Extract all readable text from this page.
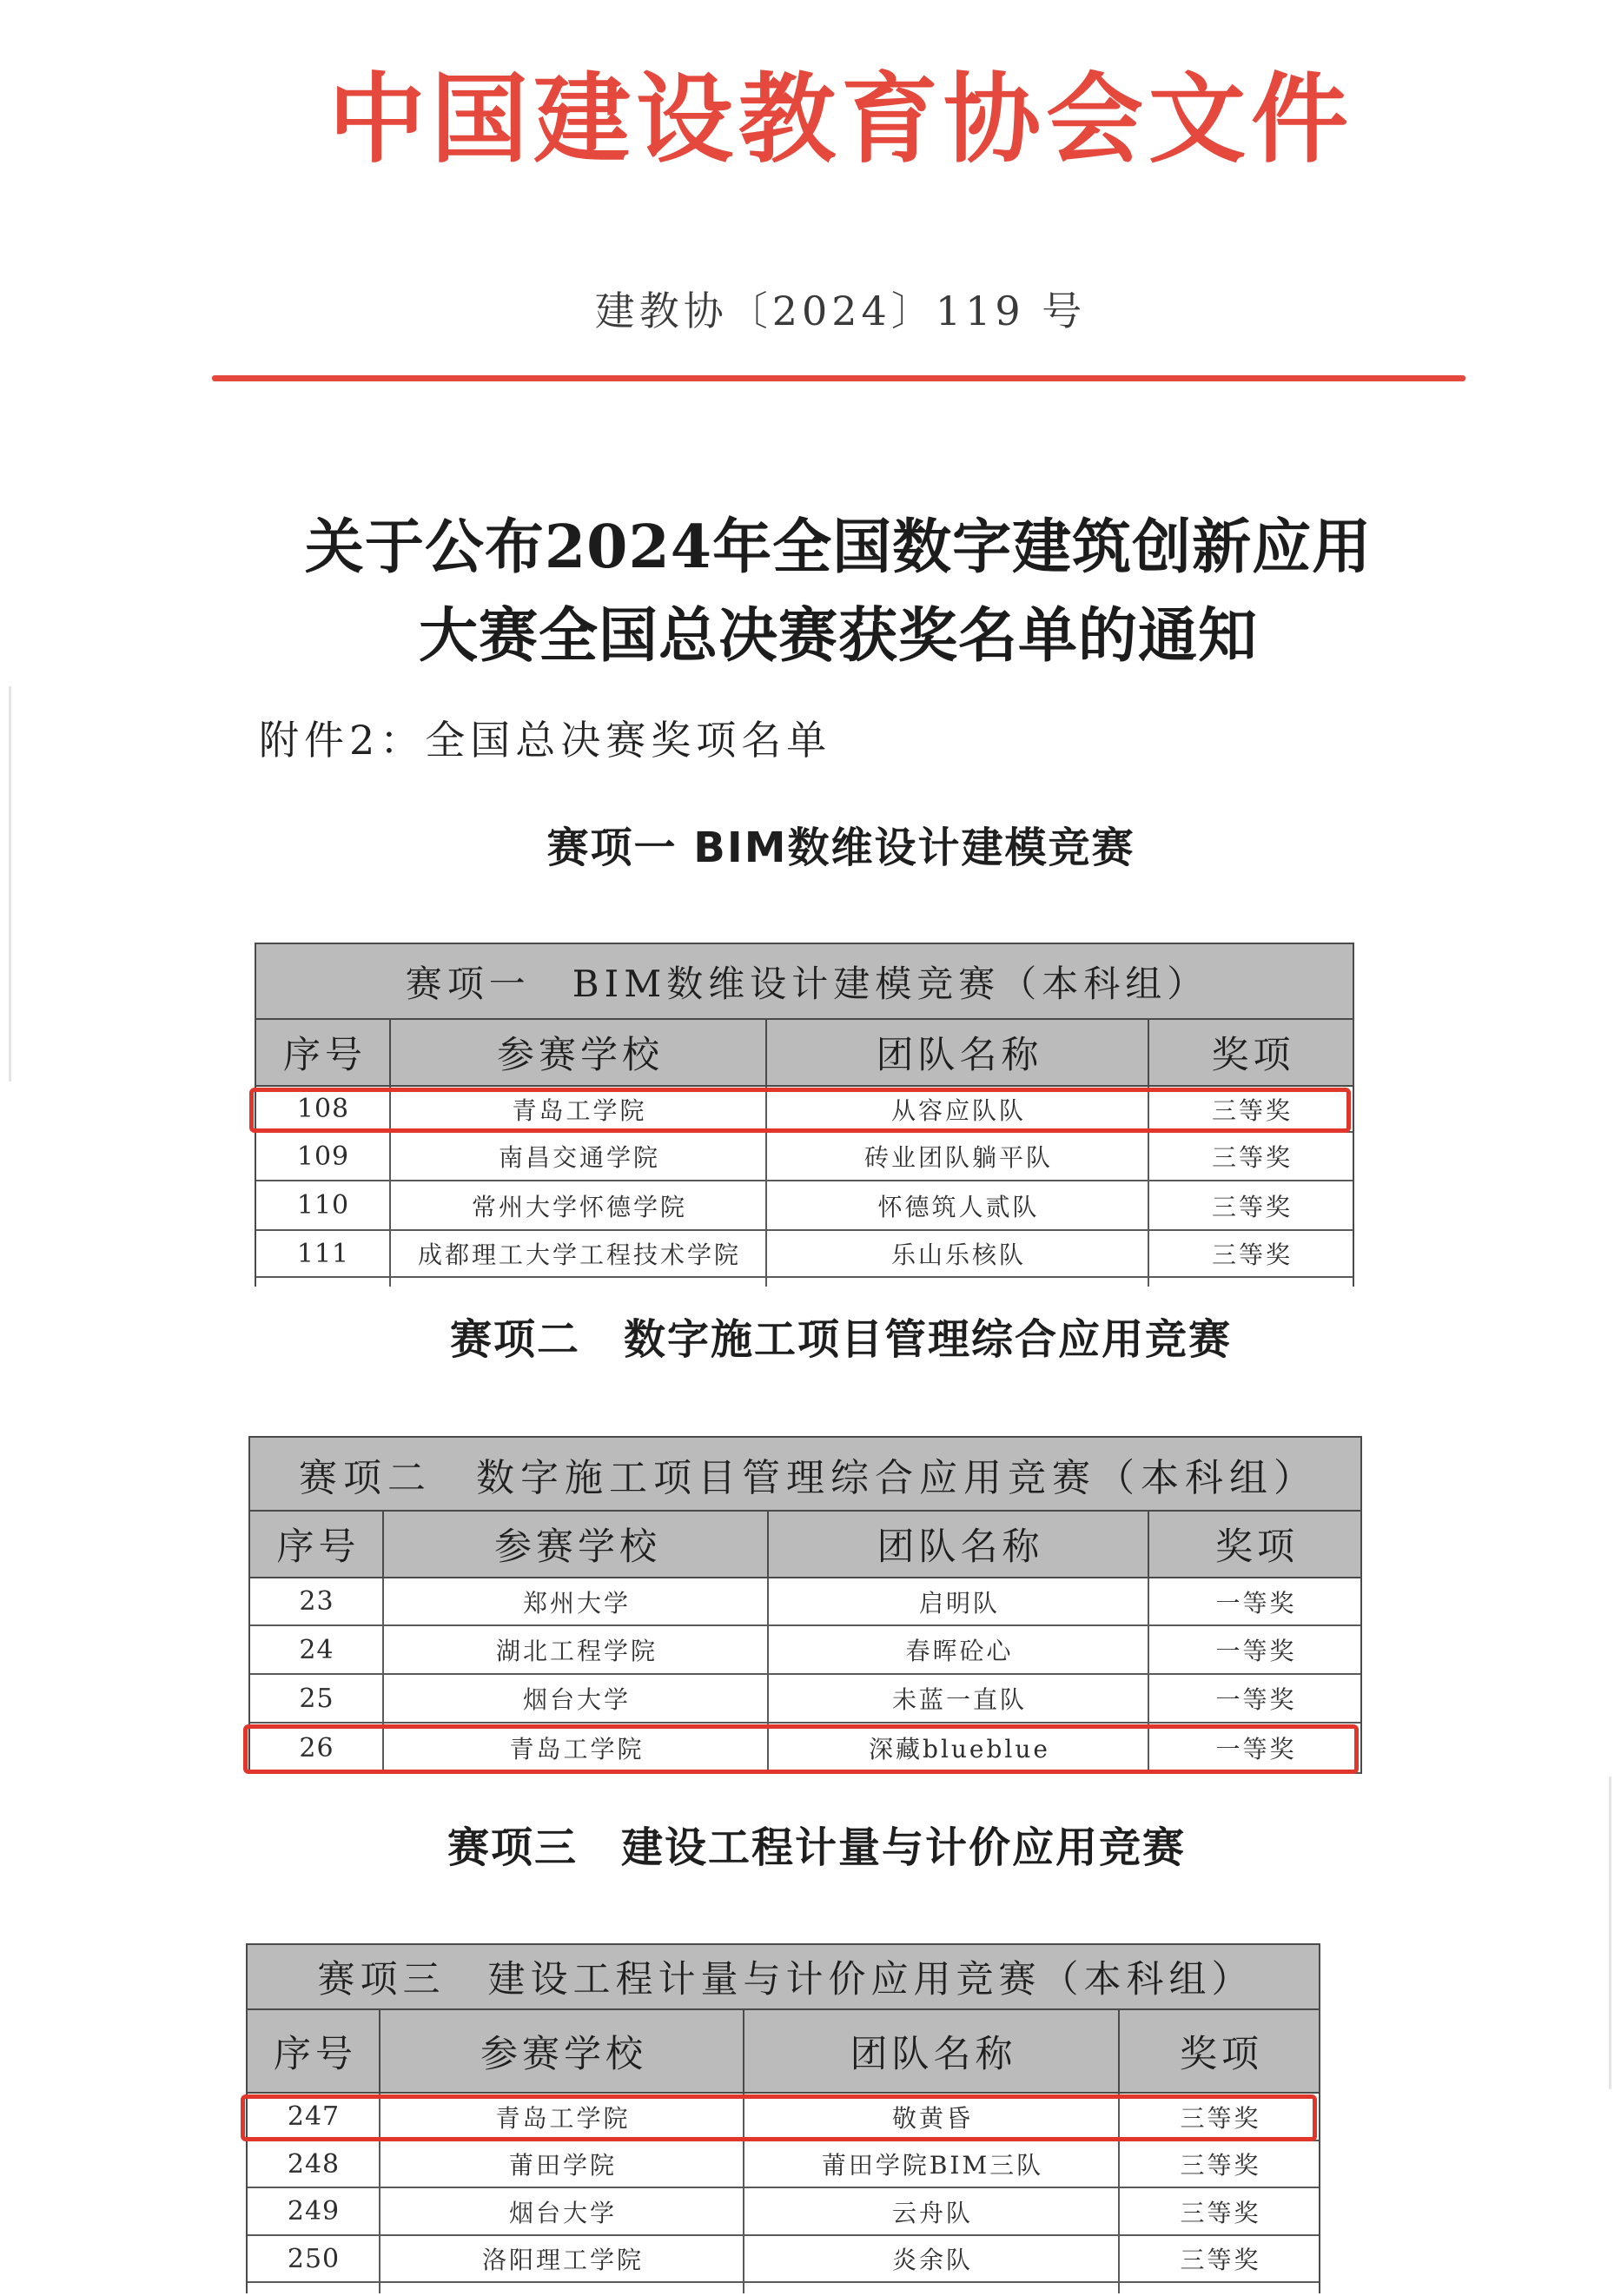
中国建设教育协会文件
建教协〔2024〕119 号
关于公布2024年全国数字建筑创新应用
大赛全国总决赛获奖名单的通知
附件2：全国总决赛奖项名单
赛项一 BIM数维设计建模竞赛
赛项一　BIM数维设计建模竞赛（本科组）
序号	参赛学校	团队名称	奖项
108	青岛工学院	从容应队队	三等奖
109	南昌交通学院	砖业团队躺平队	三等奖
110	常州大学怀德学院	怀德筑人贰队	三等奖
111	成都理工大学工程技术学院	乐山乐核队	三等奖
赛项二　数字施工项目管理综合应用竞赛
赛项二　数字施工项目管理综合应用竞赛（本科组）
序号	参赛学校	团队名称	奖项
23	郑州大学	启明队	一等奖
24	湖北工程学院	春晖砼心	一等奖
25	烟台大学	未蓝一直队	一等奖
26	青岛工学院	深藏blueblue	一等奖
赛项三　建设工程计量与计价应用竞赛
赛项三　建设工程计量与计价应用竞赛（本科组）
序号	参赛学校	团队名称	奖项
247	青岛工学院	敬黄昏	三等奖
248	莆田学院	莆田学院BIM三队	三等奖
249	烟台大学	云舟队	三等奖
250	洛阳理工学院	炎余队	三等奖
